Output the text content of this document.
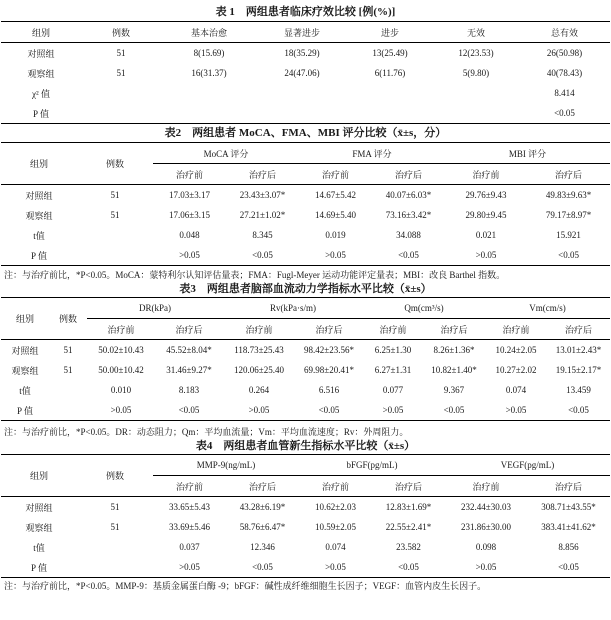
表 1　两组患者临床疗效比较 [例(%)]
组别	例数	基本治愈	显著进步	进步	无效	总有效
对照组	51	8(15.69)	18(35.29)	13(25.49)	12(23.53)	26(50.98)
观察组	51	16(31.37)	24(47.06)	6(11.76)	5(9.80)	40(78.43)
χ² 值						8.414
P 值						<0.05
表2　两组患者 MoCA、FMA、MBI 评分比较（x̄±s，分）
组别	例数	MoCA 评分		FMA 评分		MBI 评分	
		治疗前	治疗后	治疗前	治疗后	治疗前	治疗后
对照组	51	17.03±3.17	23.43±3.07*	14.67±5.42	40.07±6.03*	29.76±9.43	49.83±9.63*
观察组	51	17.06±3.15	27.21±1.02*	14.69±5.40	73.16±3.42*	29.80±9.45	79.17±8.97*
t值		0.048	8.345	0.019	34.088	0.021	15.921
P 值		>0.05	<0.05	>0.05	<0.05	>0.05	<0.05
注：与治疗前比，*P<0.05。MoCA：蒙特利尔认知评估量表；FMA：Fugl-Meyer 运动功能评定量表；MBI：改良 Barthel 指数。
表3　两组患者脑部血流动力学指标水平比较（x̄±s）
组别	例数	DR(kPa)		Rv(kPa·s/m)		Qm(cm³/s)		Vm(cm/s)	
		治疗前	治疗后	治疗前	治疗后	治疗前	治疗后	治疗前	治疗后
对照组	51	50.02±10.43	45.52±8.04*	118.73±25.43	98.42±23.56*	6.25±1.30	8.26±1.36*	10.24±2.05	13.01±2.43*
观察组	51	50.00±10.42	31.46±9.27*	120.06±25.40	69.98±20.41*	6.27±1.31	10.82±1.40*	10.27±2.02	19.15±2.17*
t值		0.010	8.183	0.264	6.516	0.077	9.367	0.074	13.459
P 值		>0.05	<0.05	>0.05	<0.05	>0.05	<0.05	>0.05	<0.05
注：与治疗前比，*P<0.05。DR：动态阻力；Qm：平均血流量；Vm：平均血流速度；Rv：外周阻力。
表4　两组患者血管新生指标水平比较（x̄±s）
组别	例数	MMP-9(ng/mL)		bFGF(pg/mL)		VEGF(pg/mL)	
		治疗前	治疗后	治疗前	治疗后	治疗前	治疗后
对照组	51	33.65±5.43	43.28±6.19*	10.62±2.03	12.83±1.69*	232.44±30.03	308.71±43.55*
观察组	51	33.69±5.46	58.76±6.47*	10.59±2.05	22.55±2.41*	231.86±30.00	383.41±41.62*
t值		0.037	12.346	0.074	23.582	0.098	8.856
P 值		>0.05	<0.05	>0.05	<0.05	>0.05	<0.05
注：与治疗前比，*P<0.05。MMP-9：基质金属蛋白酶 -9；bFGF：碱性成纤维细胞生长因子；VEGF：血管内皮生长因子。
